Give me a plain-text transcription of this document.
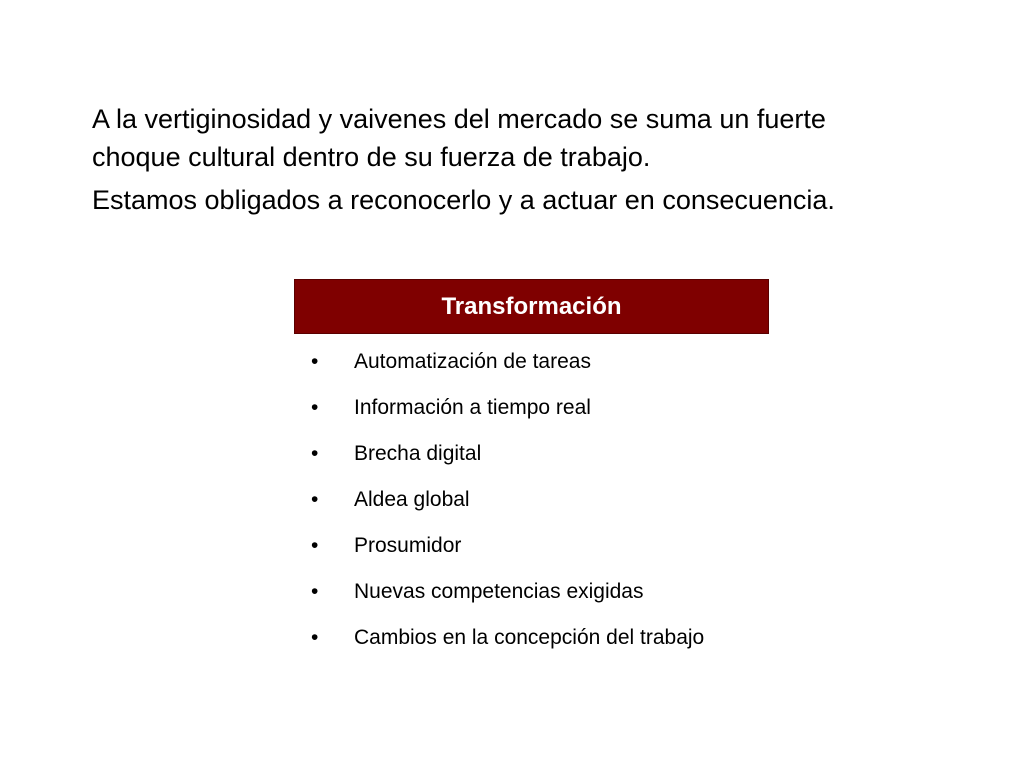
A la vertiginosidad y vaivenes del mercado se suma un fuerte

choque cultural dentro de su fuerza de trabajo.

Estamos obligados a reconocerlo y a actuar en consecuencia.

Transformación
• Automatización de tareas
• Información a tiempo real
• Brecha digital
• Aldea global
• Prosumidor
• Nuevas competencias exigidas
• Cambios en la concepción del trabajo
